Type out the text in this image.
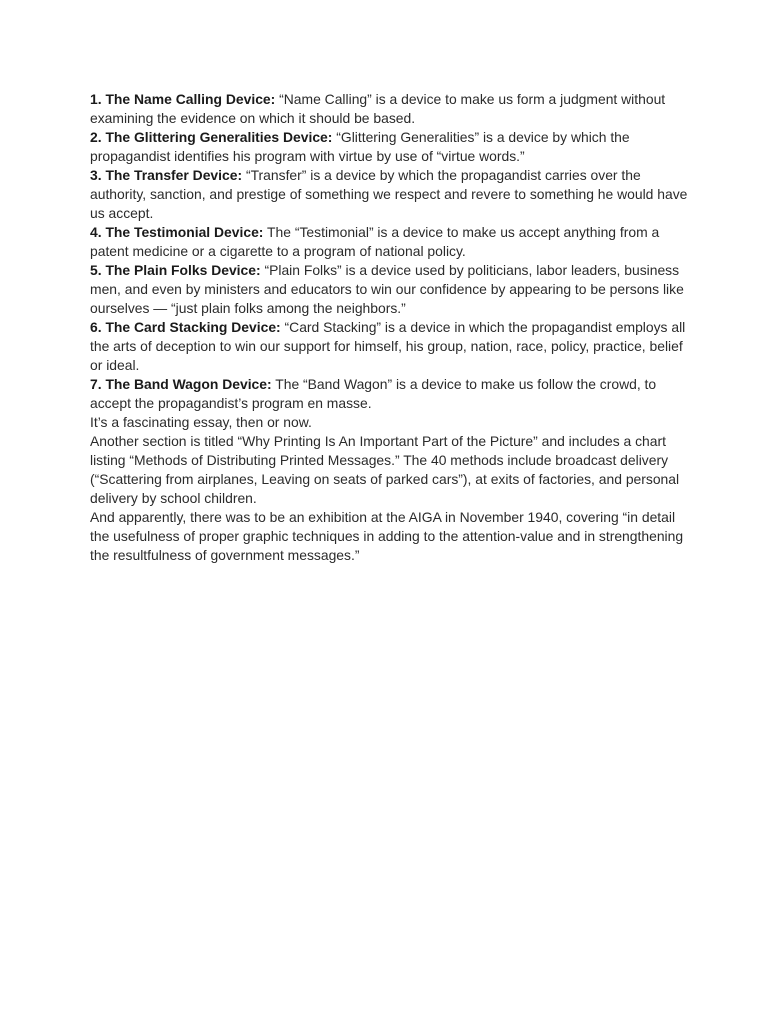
1. The Name Calling Device: “Name Calling” is a device to make us form a judgment without examining the evidence on which it should be based.

2. The Glittering Generalities Device: “Glittering Generalities” is a device by which the propagandist identifies his program with virtue by use of “virtue words.”

3. The Transfer Device: “Transfer” is a device by which the propagandist carries over the authority, sanction, and prestige of something we respect and revere to something he would have us accept.

4. The Testimonial Device: The “Testimonial” is a device to make us accept anything from a patent medicine or a cigarette to a program of national policy.

5. The Plain Folks Device: “Plain Folks” is a device used by politicians, labor leaders, business men, and even by ministers and educators to win our confidence by appearing to be persons like ourselves — “just plain folks among the neighbors.”

6. The Card Stacking Device: “Card Stacking” is a device in which the propagandist employs all the arts of deception to win our support for himself, his group, nation, race, policy, practice, belief or ideal.

7. The Band Wagon Device: The “Band Wagon” is a device to make us follow the crowd, to accept the propagandist’s program en masse.

It’s a fascinating essay, then or now.

Another section is titled “Why Printing Is An Important Part of the Picture” and includes a chart listing “Methods of Distributing Printed Messages.” The 40 methods include broadcast delivery (“Scattering from airplanes, Leaving on seats of parked cars”), at exits of factories, and personal delivery by school children.

And apparently, there was to be an exhibition at the AIGA in November 1940, covering “in detail the usefulness of proper graphic techniques in adding to the attention-value and in strengthening the resultfulness of government messages.”
